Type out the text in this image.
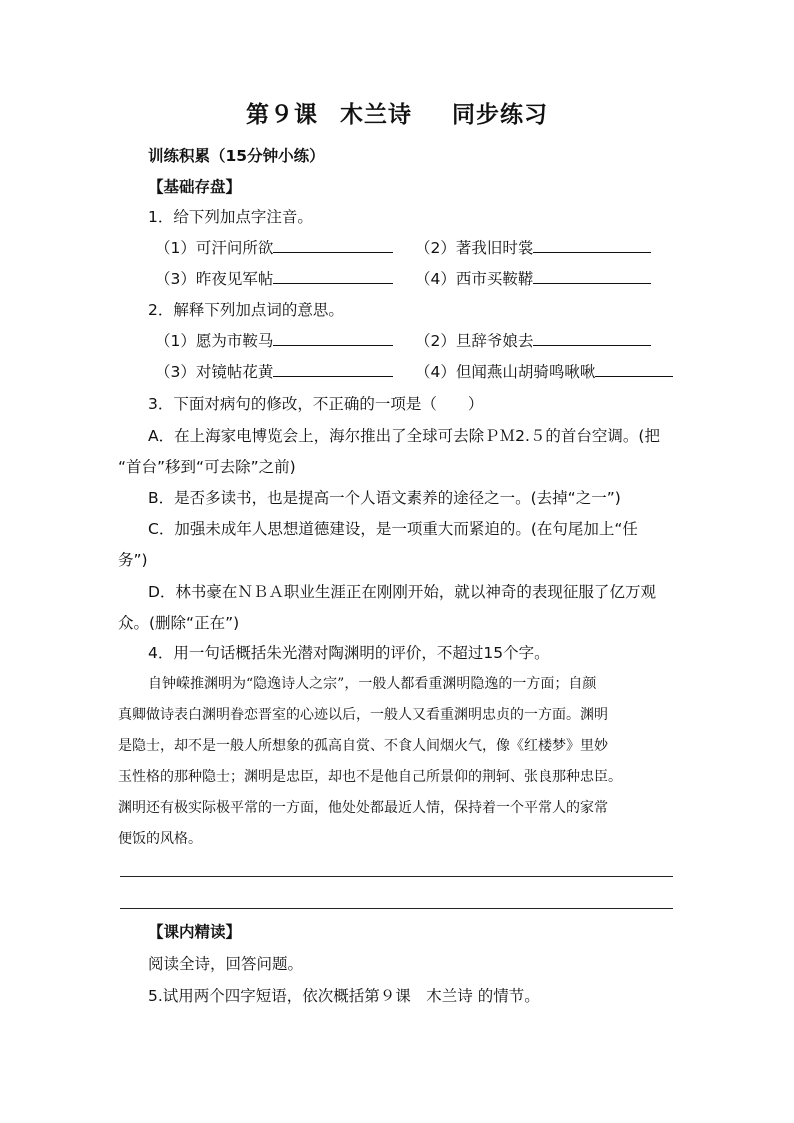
第９课 木兰诗 同步练习
训练积累（15分钟小练）
【基础存盘】
1．给下列加点字注音。
（1）可汗问所欲	（2）著我旧时裳
（3）昨夜见军帖	（4）西市买鞍鞯
2．解释下列加点词的意思。
（1）愿为市鞍马	（2）旦辞爷娘去
（3）对镜帖花黄	（4）但闻燕山胡骑鸣啾啾
3．下面对病句的修改，不正确的一项是（　　）
A．在上海家电博览会上，海尔推出了全球可去除ＰＭ2.５的首台空调。(把
“首台”移到“可去除”之前)
B．是否多读书，也是提高一个人语文素养的途径之一。(去掉“之一”)
C．加强未成年人思想道德建设，是一项重大而紧迫的。(在句尾加上“任
务”)
D．林书豪在ＮＢＡ职业生涯正在刚刚开始，就以神奇的表现征服了亿万观
众。(删除“正在”)
4．用一句话概括朱光潜对陶渊明的评价，不超过15个字。
自钟嵘推渊明为“隐逸诗人之宗”，一般人都看重渊明隐逸的一方面；自颜
真卿做诗表白渊明眷恋晋室的心迹以后，一般人又看重渊明忠贞的一方面。渊明
是隐士，却不是一般人所想象的孤高自赏、不食人间烟火气，像《红楼梦》里妙
玉性格的那种隐士；渊明是忠臣，却也不是他自己所景仰的荆轲、张良那种忠臣。
渊明还有极实际极平常的一方面，他处处都最近人情，保持着一个平常人的家常
便饭的风格。
【课内精读】
阅读全诗，回答问题。
5.试用两个四字短语，依次概括第９课　木兰诗 的情节。
